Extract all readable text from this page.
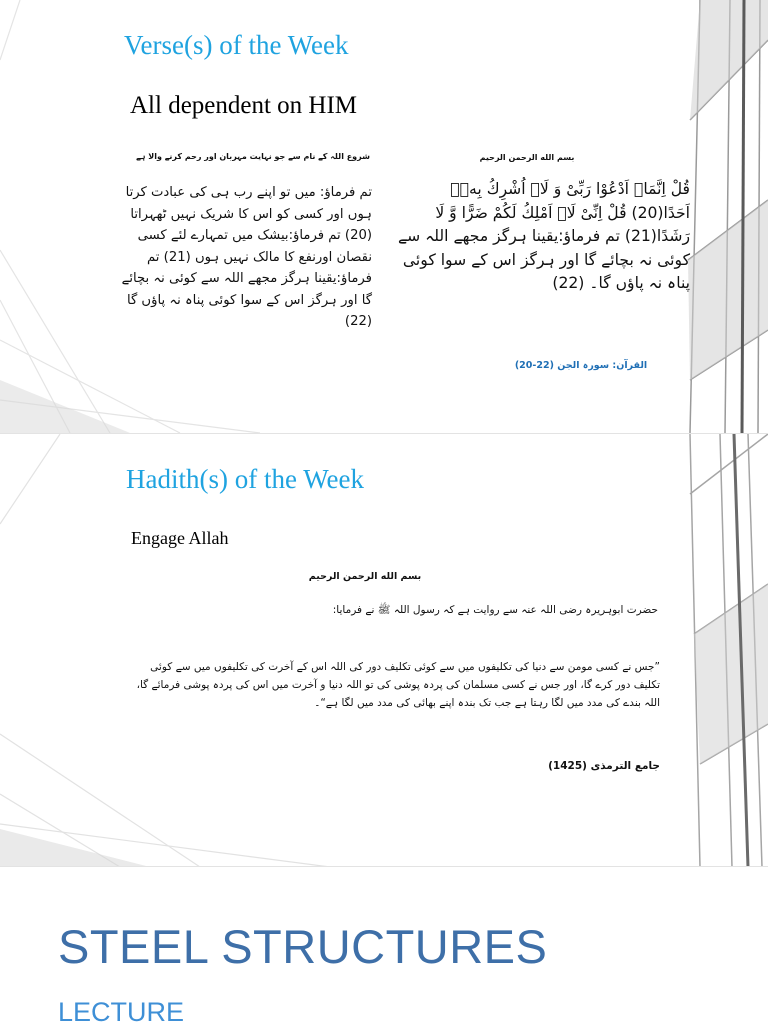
Verse(s) of the Week
All dependent on HIM
شروع اللہ کے نام سے جو نہایت مہربان اور رحم کرنے والا ہے	بسم الله الرحمن الرحیم
تم فرماؤ: میں تو اپنے رب ہی کی عبادت کرتا ہوں اور کسی کو اس کا شریک نہیں ٹھہراتا (20) تم فرماؤ:بیشک میں تمہارے لئے کسی نقصان اورنفع کا مالک نہیں ہوں (21) تم فرماؤ:یقینا ہرگز مجھے اللہ سے کوئی نہ بچائے گا اور ہرگز اس کے سوا کوئی پناہ نہ پاؤں گا (22)
قُلْ اِنَّمَاۤ اَدْعُوْا رَبِّیْ وَ لَاۤ اُشْرِكُ بِهٖۤ اَحَدًا(20) قُلْ اِنِّیْ لَاۤ اَمْلِكُ لَكُمْ ضَرًّا وَّ لَا رَشَدًا(21) تم فرماؤ:یقینا ہرگز مجھے اللہ سے کوئی نہ بچائے گا اور ہرگز اس کے سوا کوئی پناہ نہ پاؤں گا۔ (22)
القرآن: سورہ الجن (22-20)
Hadith(s) of the Week
Engage Allah
بسم الله الرحمن الرحیم
حضرت ابوہریرہ رضی اللہ عنہ سے روایت ہے کہ رسول اللہ ﷺ نے فرمایا:
”جس نے کسی مومن سے دنیا کی تکلیفوں میں سے کوئی تکلیف دور کی اللہ اس کے آخرت کی تکلیفوں میں سے کوئی تکلیف دور کرے گا، اور جس نے کسی مسلمان کی پردہ پوشی کی تو اللہ دنیا و آخرت میں اس کی پردہ پوشی فرمائے گا، اللہ بندے کی مدد میں لگا رہتا ہے جب تک بندہ اپنے بھائی کی مدد میں لگا ہے“۔
جامع الترمذی (1425)
STEEL STRUCTURES
LECTURE
